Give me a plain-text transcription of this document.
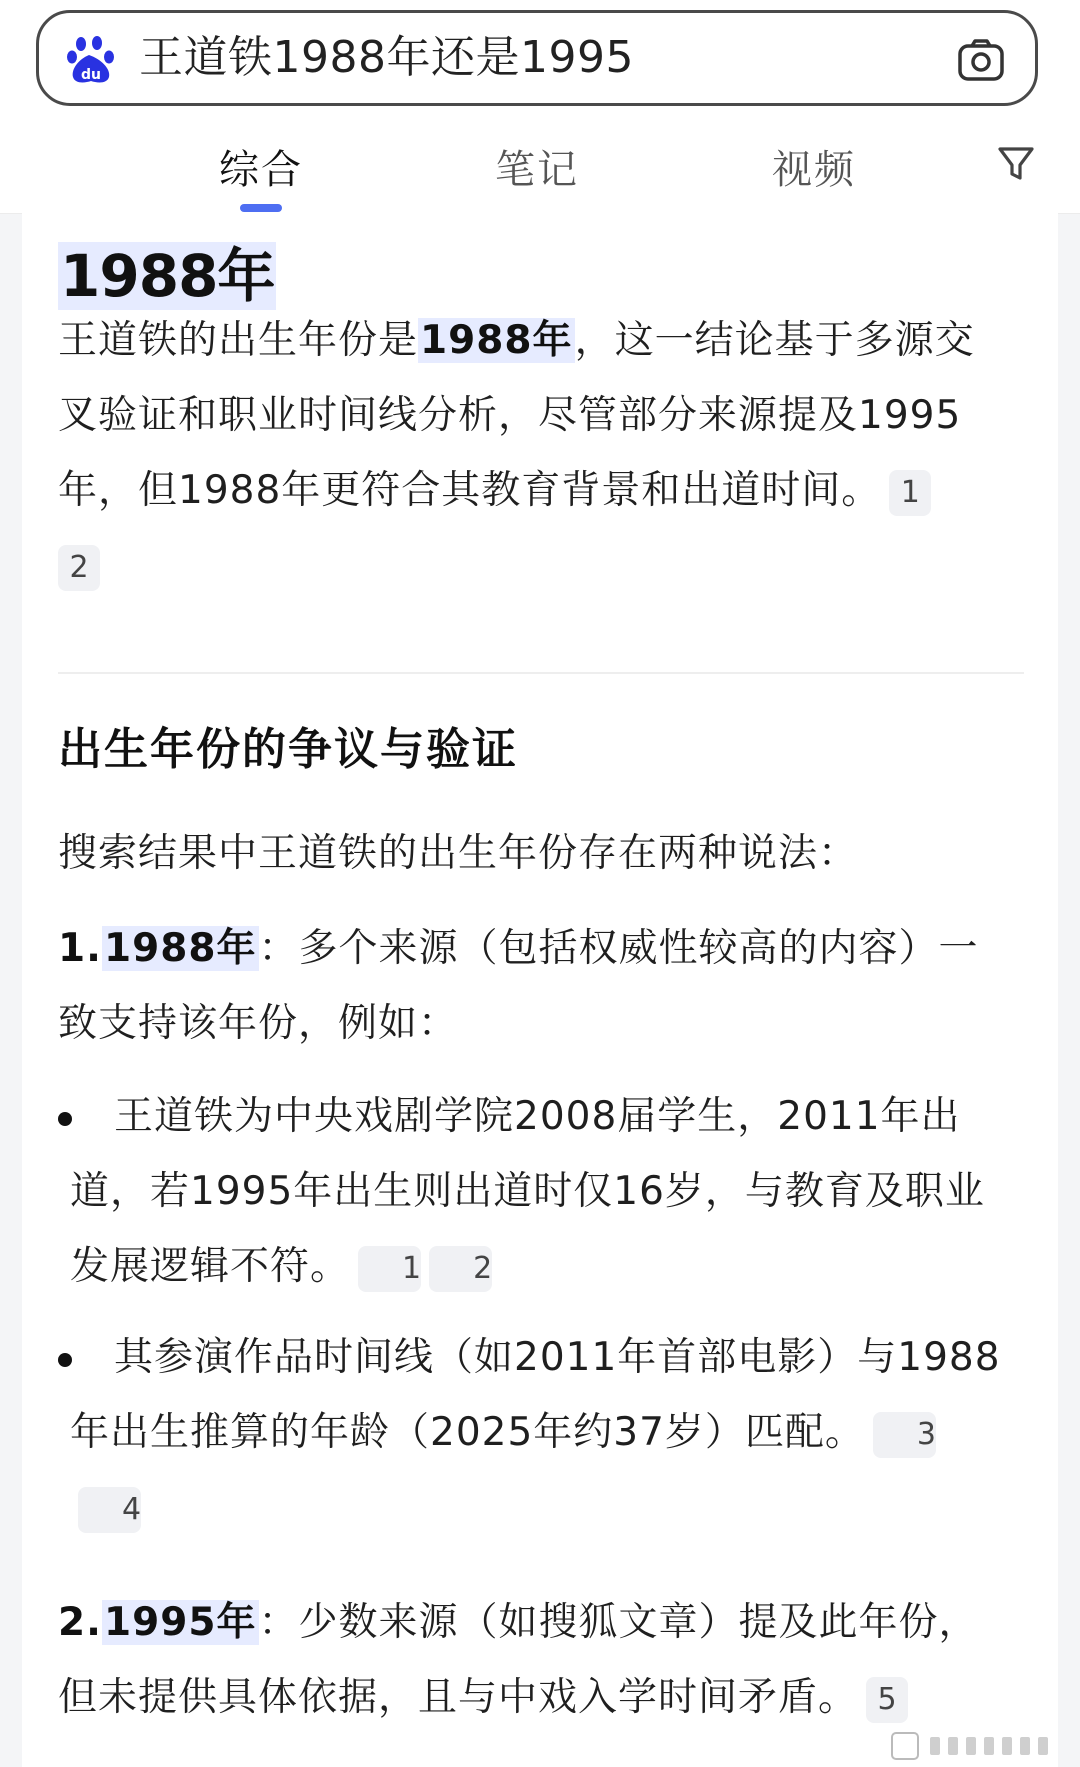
du 王道铁1988年还是1995
综合	笔记	视频
1988年
王道铁的出生年份是1988年，这一结论基于多源交叉验证和职业时间线分析，尽管部分来源提及1995年，但1988年更符合其教育背景和出道时间。 1
2
出生年份的争议与验证
搜索结果中王道铁的出生年份存在两种说法：
1.1988年：多个来源（包括权威性较高的内容）一致支持该年份，例如：
王道铁为中央戏剧学院2008届学生，2011年出道，若1995年出生则出道时仅16岁，与教育及职业发展逻辑不符。 1 2
其参演作品时间线（如2011年首部电影）与1988年出生推算的年龄（2025年约37岁）匹配。 34
2.1995年：少数来源（如搜狐文章）提及此年份，但未提供具体依据，且与中戏入学时间矛盾。 5
